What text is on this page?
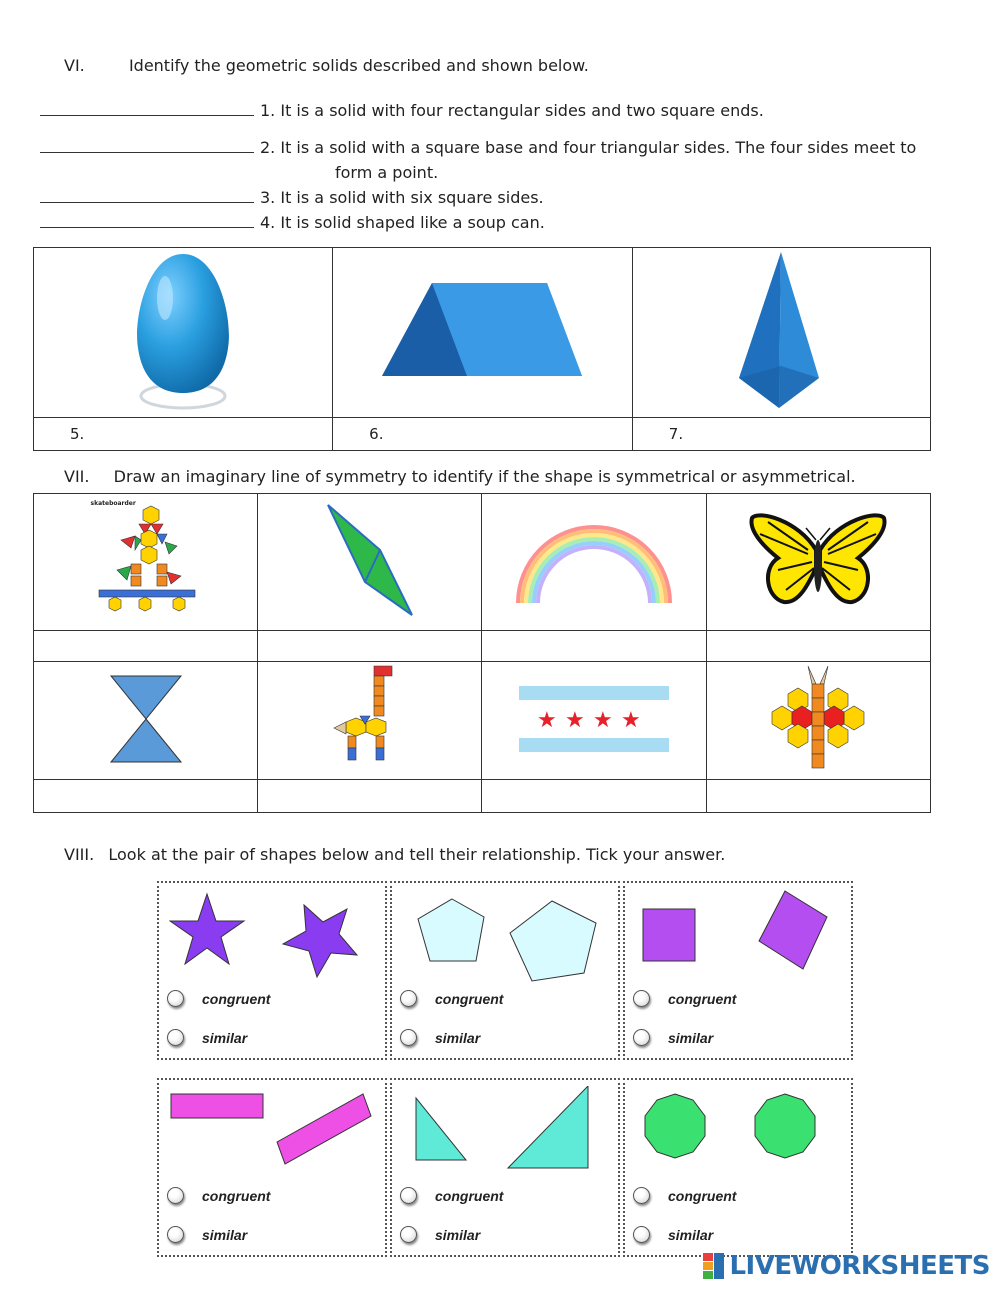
VI.	Identify the geometric solids described and shown below.
1. It is a solid with four rectangular sides and two square ends.
2. It is a solid with a square base and four triangular sides. The four sides meet to
form a point.
3. It is a solid with six square sides.
4. It is solid shaped like a soup can.

5.	6.	7.
VII. Draw an imaginary line of symmetry to identify if the shape is symmetrical or asymmetrical.
skateboarder

★ ★ ★ ★

VIII. Look at the pair of shapes below and tell their relationship. Tick your answer.
congruent
similar
congruent
similar
congruent
similar
congruent
similar
congruent
similar
congruent
similar
LIVEWORKSHEETS
